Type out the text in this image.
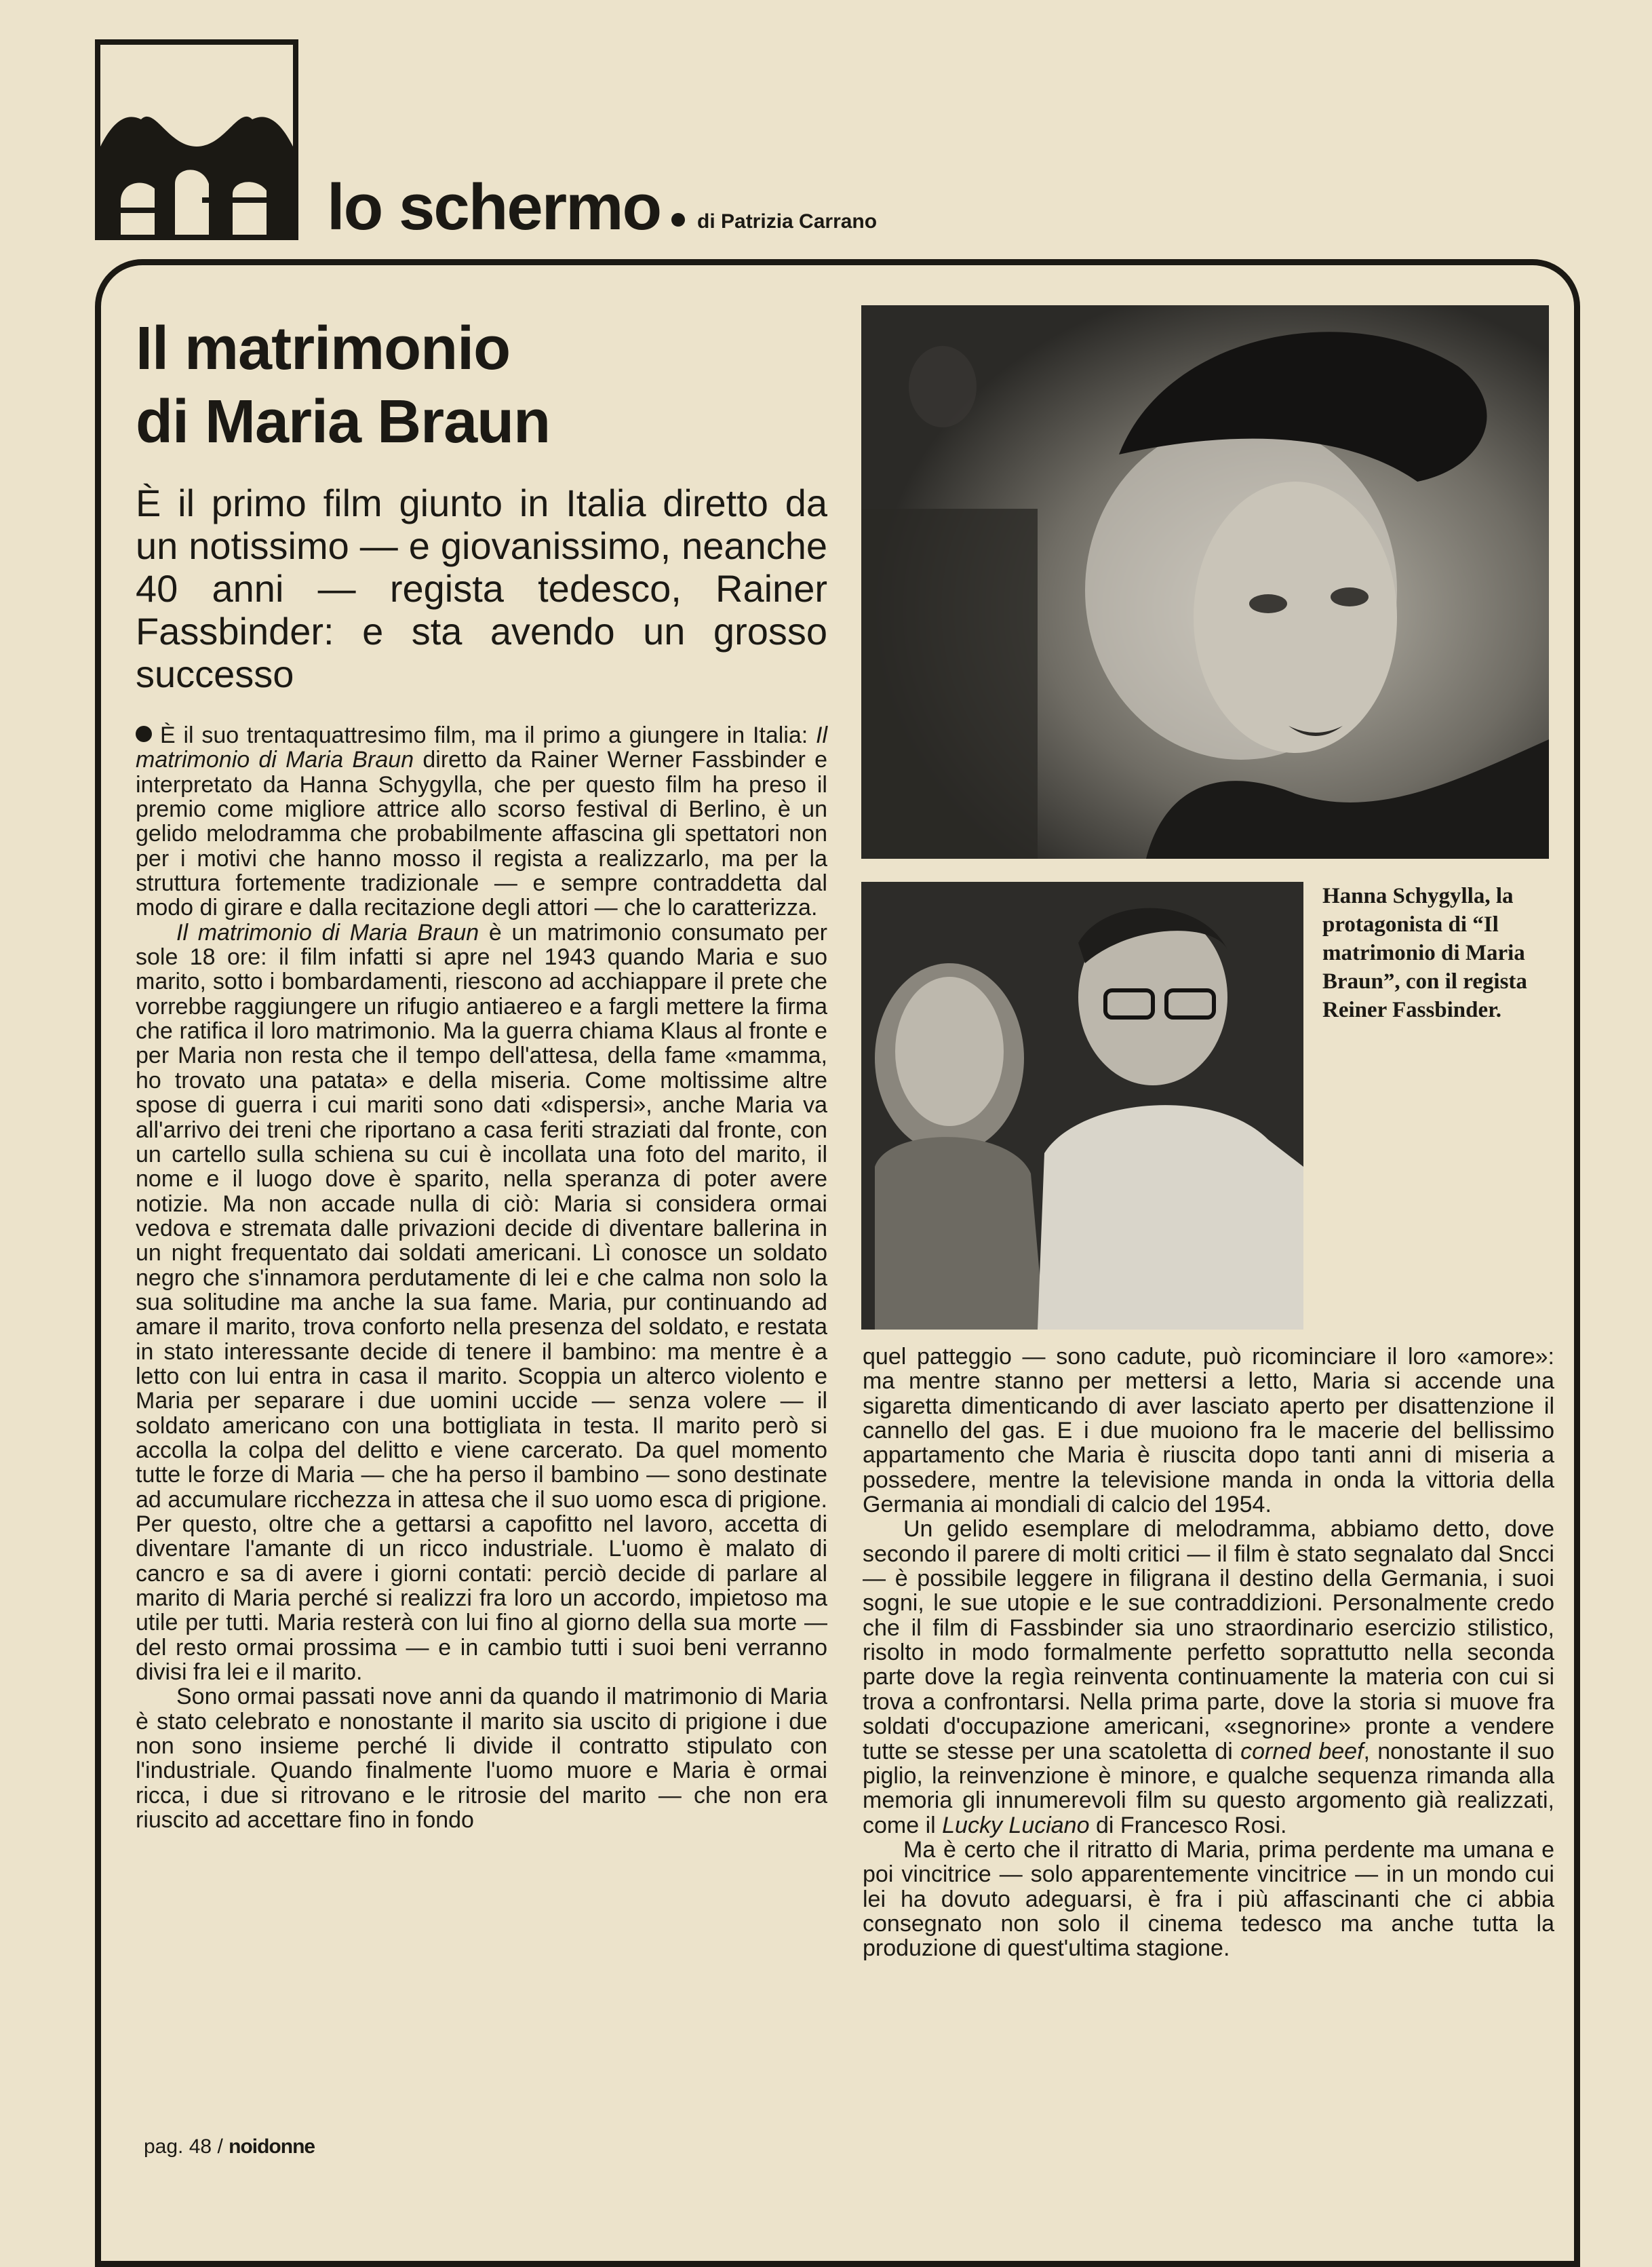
lo schermo	di Patrizia Carrano
Il matrimonio
di Maria Braun
È il primo film giunto in Italia diretto da un notissimo — e giovanissimo, neanche 40 anni — regista tedesco, Rainer Fassbinder: e sta avendo un grosso successo

È il suo trentaquattresimo film, ma il primo a giungere in Italia: Il matrimonio di Maria Braun diretto da Rainer Werner Fassbinder e interpretato da Hanna Schygylla, che per questo film ha preso il premio come migliore attrice allo scorso festival di Berlino, è un gelido melodramma che probabilmente affascina gli spettatori non per i motivi che hanno mosso il regista a realizzarlo, ma per la struttura fortemente tradizionale — e sempre contraddetta dal modo di girare e dalla recitazione degli attori — che lo caratterizza.

Il matrimonio di Maria Braun è un matrimonio consumato per sole 18 ore: il film infatti si apre nel 1943 quando Maria e suo marito, sotto i bombardamenti, riescono ad acchiappare il prete che vorrebbe raggiungere un rifugio antiaereo e a fargli mettere la firma che ratifica il loro matrimonio. Ma la guerra chiama Klaus al fronte e per Maria non resta che il tempo dell'attesa, della fame «mamma, ho trovato una patata» e della miseria. Come moltissime altre spose di guerra i cui mariti sono dati «dispersi», anche Maria va all'arrivo dei treni che riportano a casa feriti straziati dal fronte, con un cartello sulla schiena su cui è incollata una foto del marito, il nome e il luogo dove è sparito, nella speranza di poter avere notizie. Ma non accade nulla di ciò: Maria si considera ormai vedova e stremata dalle privazioni decide di diventare ballerina in un night frequentato dai soldati americani. Lì conosce un soldato negro che s'innamora perdutamente di lei e che calma non solo la sua solitudine ma anche la sua fame. Maria, pur continuando ad amare il marito, trova conforto nella presenza del soldato, e restata in stato interessante decide di tenere il bambino: ma mentre è a letto con lui entra in casa il marito. Scoppia un alterco violento e Maria per separare i due uomini uccide — senza volere — il soldato americano con una bottigliata in testa. Il marito però si accolla la colpa del delitto e viene carcerato. Da quel momento tutte le forze di Maria — che ha perso il bambino — sono destinate ad accumulare ricchezza in attesa che il suo uomo esca di prigione. Per questo, oltre che a gettarsi a capofitto nel lavoro, accetta di diventare l'amante di un ricco industriale. L'uomo è malato di cancro e sa di avere i giorni contati: perciò decide di parlare al marito di Maria perché si realizzi fra loro un accordo, impietoso ma utile per tutti. Maria resterà con lui fino al giorno della sua morte — del resto ormai prossima — e in cambio tutti i suoi beni verranno divisi fra lei e il marito.

Sono ormai passati nove anni da quando il matrimonio di Maria è stato celebrato e nonostante il marito sia uscito di prigione i due non sono insieme perché li divide il contratto stipulato con l'industriale. Quando finalmente l'uomo muore e Maria è ormai ricca, i due si ritrovano e le ritrosie del marito — che non era riuscito ad accettare fino in fondo

Hanna Schygylla, la protagonista di “Il matrimonio di Maria Braun”, con il regista Reiner Fassbinder.

quel patteggio — sono cadute, può ricominciare il loro «amore»: ma mentre stanno per mettersi a letto, Maria si accende una sigaretta dimenticando di aver lasciato aperto per disattenzione il cannello del gas. E i due muoiono fra le macerie del bellissimo appartamento che Maria è riuscita dopo tanti anni di miseria a possedere, mentre la televisione manda in onda la vittoria della Germania ai mondiali di calcio del 1954.

Un gelido esemplare di melodramma, abbiamo detto, dove secondo il parere di molti critici — il film è stato segnalato dal Sncci — è possibile leggere in filigrana il destino della Germania, i suoi sogni, le sue utopie e le sue contraddizioni. Personalmente credo che il film di Fassbinder sia uno straordinario esercizio stilistico, risolto in modo formalmente perfetto soprattutto nella seconda parte dove la regìa reinventa continuamente la materia con cui si trova a confrontarsi. Nella prima parte, dove la storia si muove fra soldati d'occupazione americani, «segnorine» pronte a vendere tutte se stesse per una scatoletta di corned beef, nonostante il suo piglio, la reinvenzione è minore, e qualche sequenza rimanda alla memoria gli innumerevoli film su questo argomento già realizzati, come il Lucky Luciano di Francesco Rosi.

Ma è certo che il ritratto di Maria, prima perdente ma umana e poi vincitrice — solo apparentemente vincitrice — in un mondo cui lei ha dovuto adeguarsi, è fra i più affascinanti che ci abbia consegnato non solo il cinema tedesco ma anche tutta la produzione di quest'ultima stagione.

pag. 48 / noidonne
